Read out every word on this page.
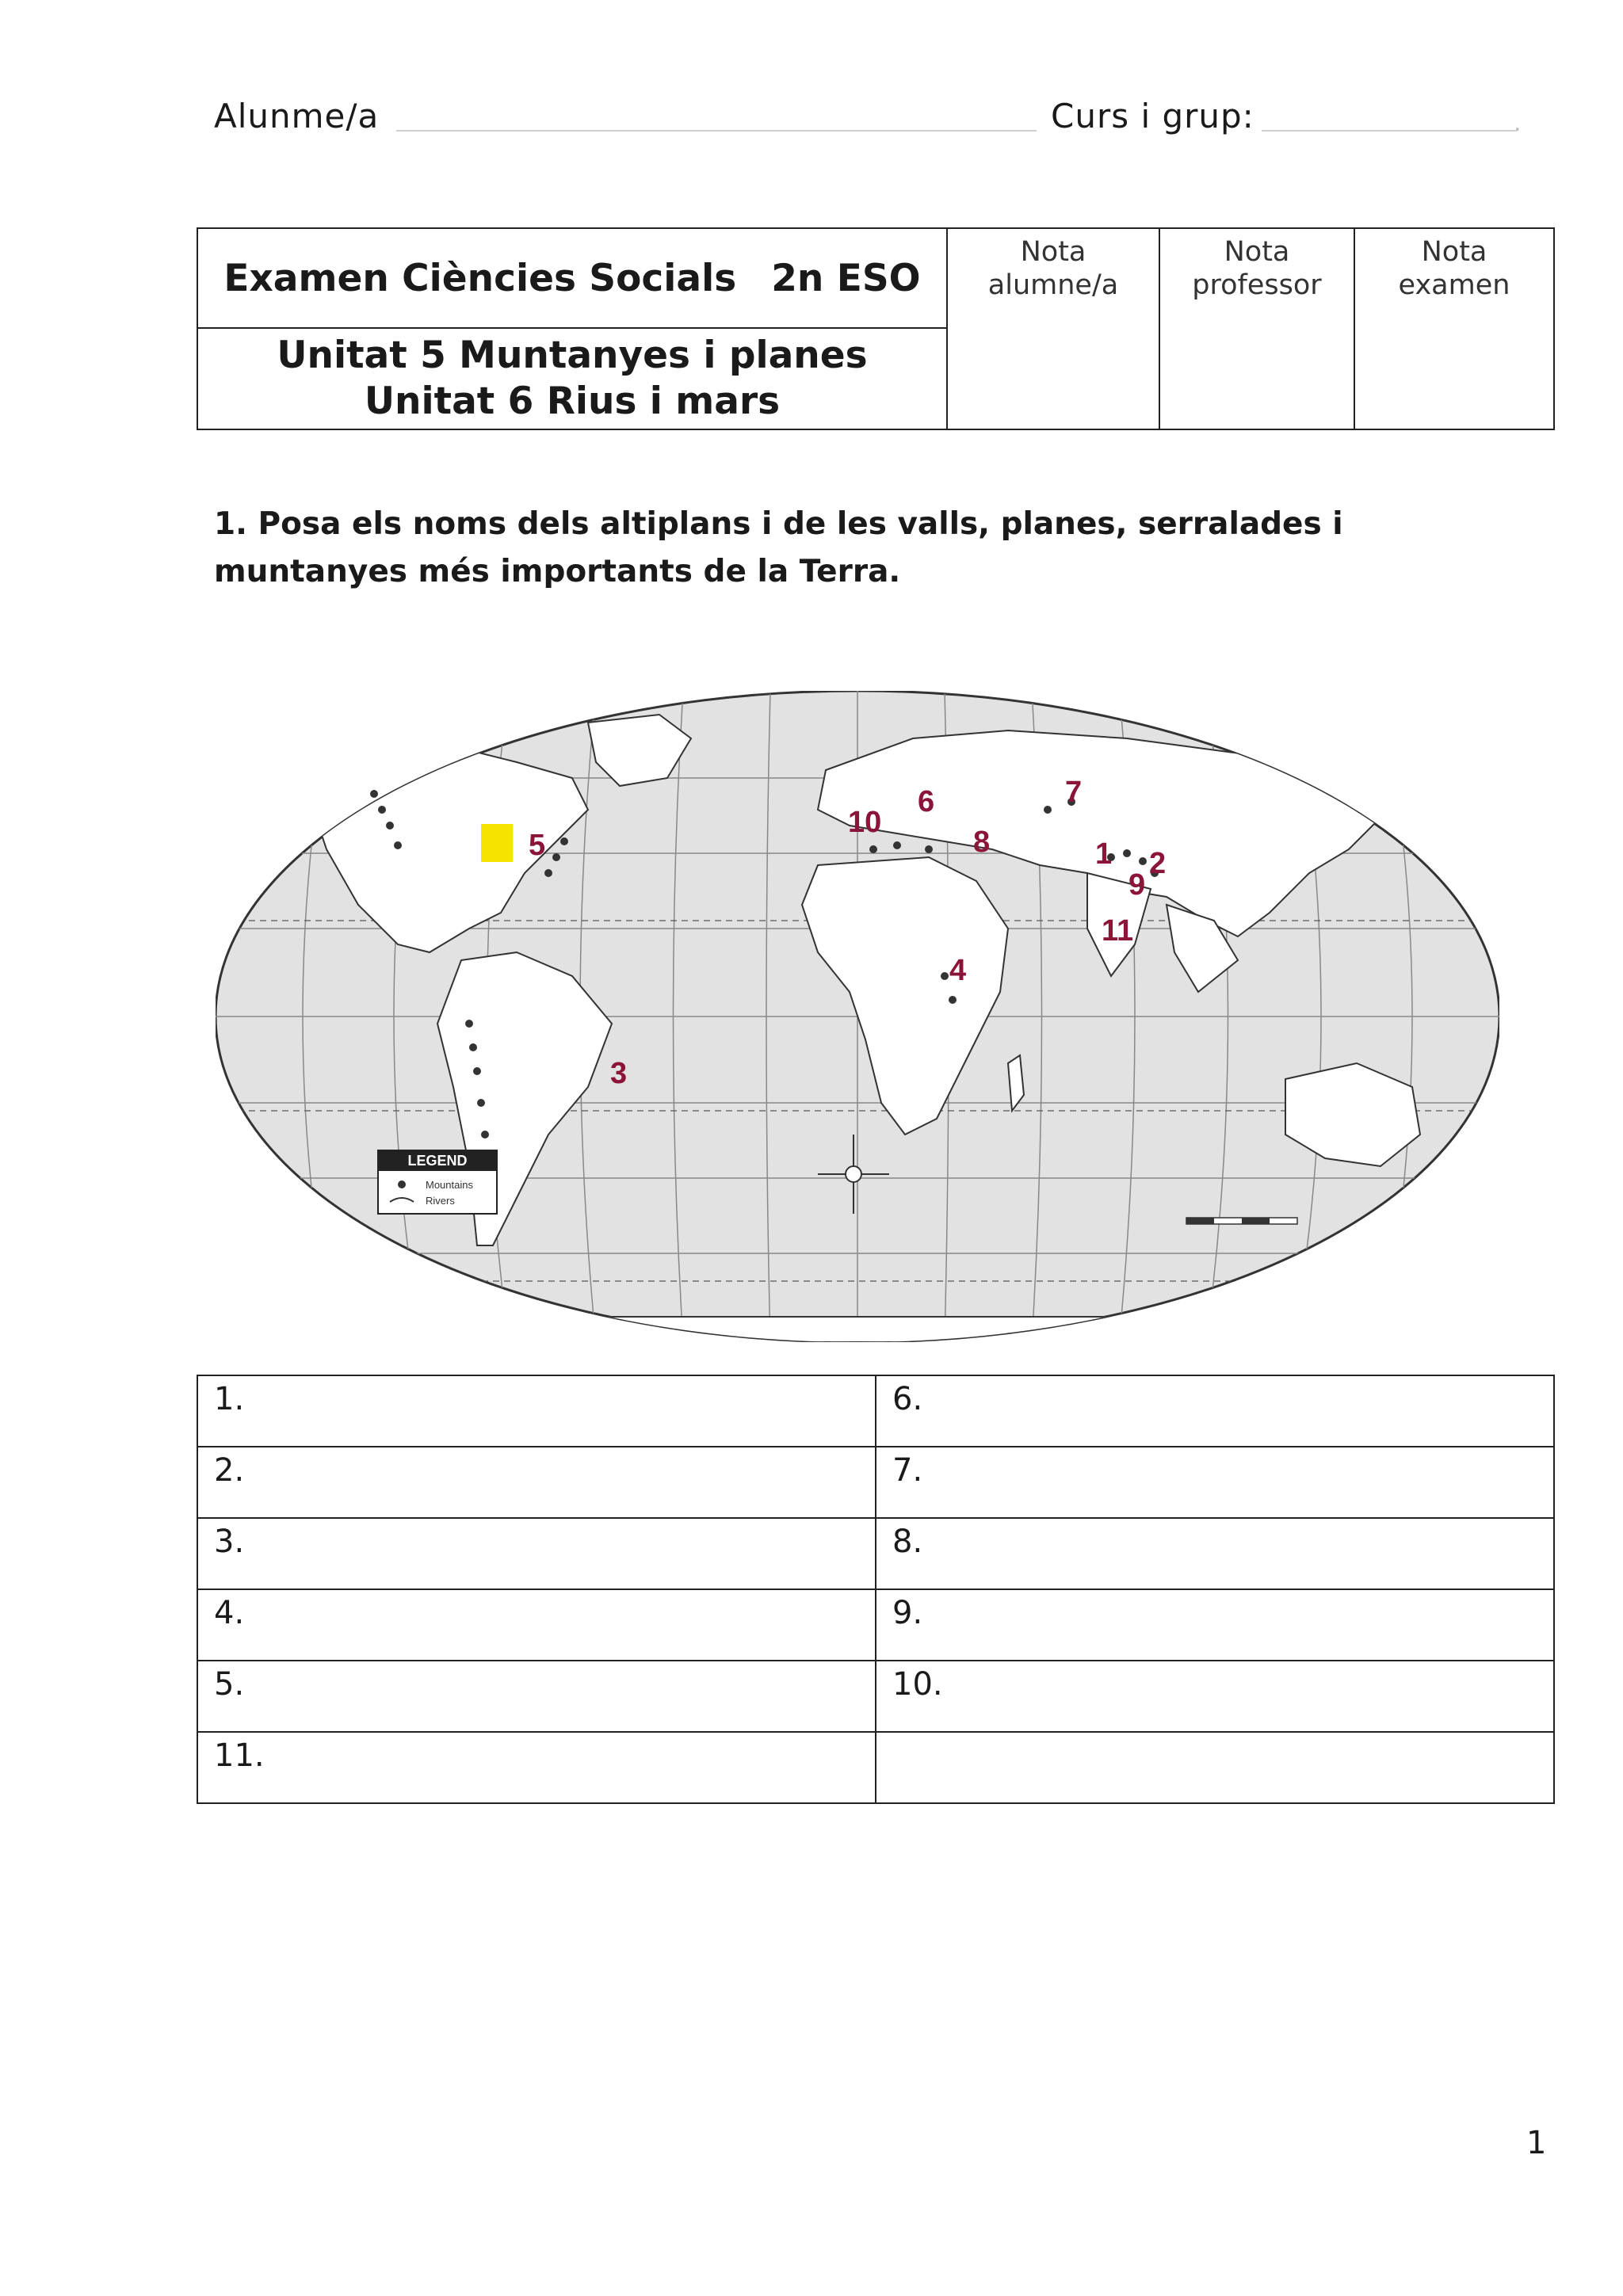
Alunme/a	Curs i grup:	.
Examen Ciències Socials 2n ESO	
Nota
alumne/a

Nota
professor

Nota
examen

Unitat 5 Muntanyes i planes
Unitat 6 Rius i mars
1. Posa els noms dels altiplans i de les valls, planes, serralades i muntanyes més importants de la Terra.
LEGEND
Mountains
Rivers
1 2
3
4
5
6	7
8
9
10
11
1.	6.
2.	7.
3.	8.
4.	9.
5.	10.
11.	
1
